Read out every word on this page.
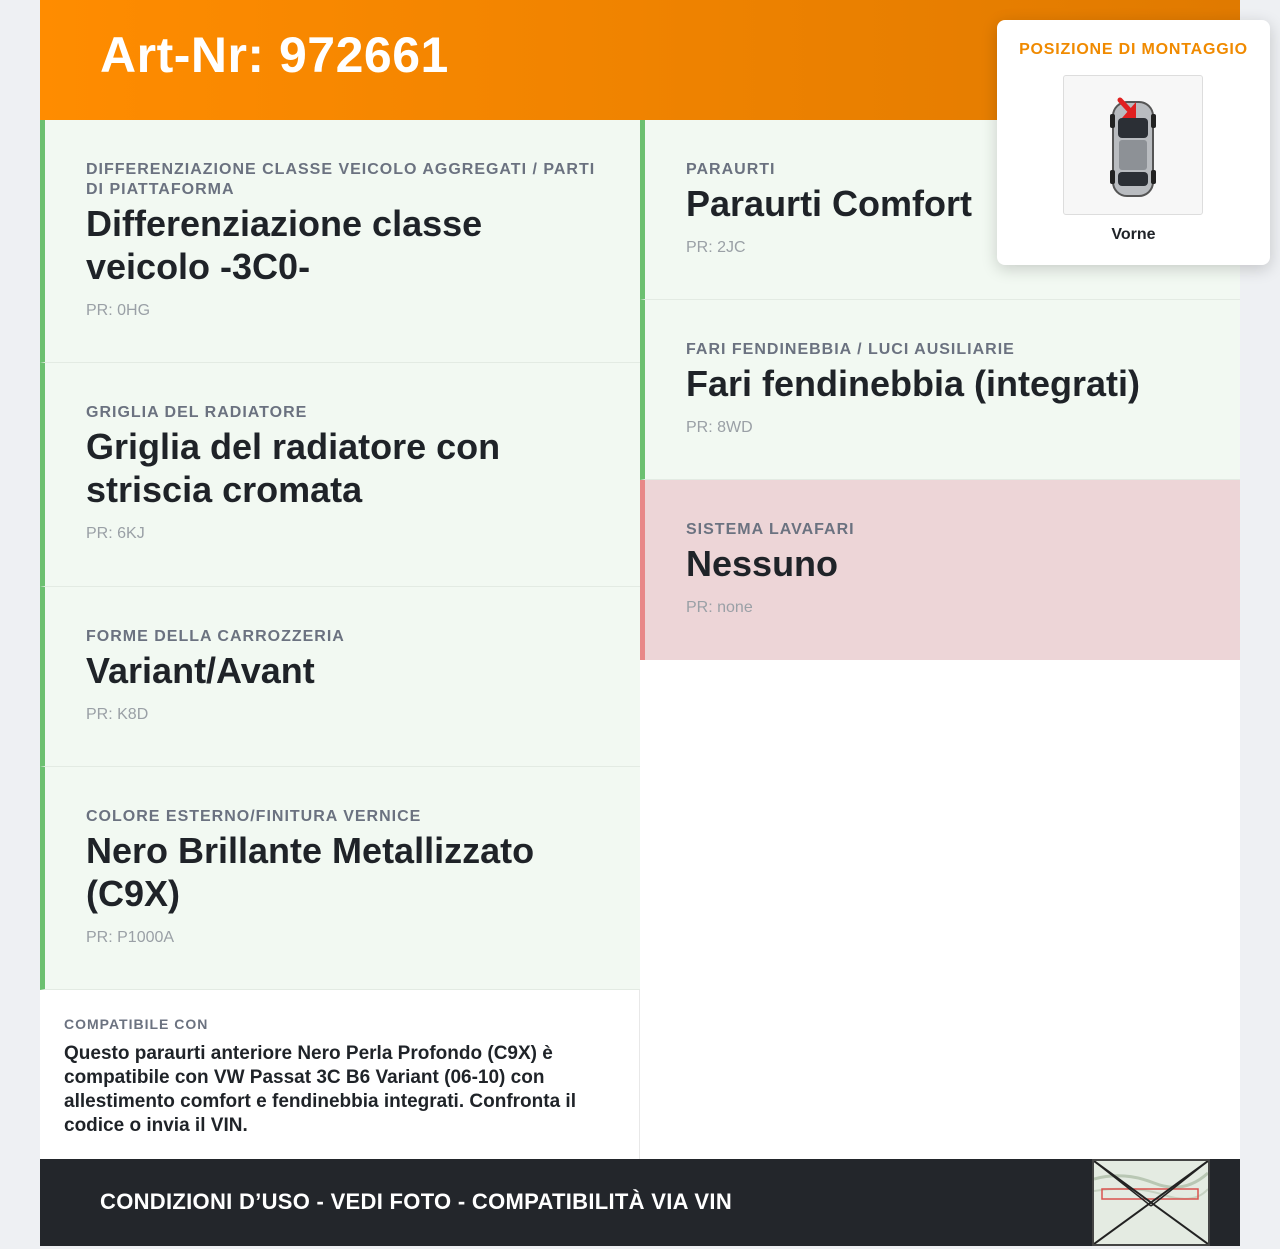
Art-Nr: 972661
DIFFERENZIAZIONE CLASSE VEICOLO AGGREGATI / PARTI DI PIATTAFORMA
Differenziazione classe veicolo -3C0-
PR: 0HG
GRIGLIA DEL RADIATORE
Griglia del radiatore con striscia cromata
PR: 6KJ
FORME DELLA CARROZZERIA
Variant/Avant
PR: K8D
COLORE ESTERNO/FINITURA VERNICE
Nero Brillante Metallizzato (C9X)
PR: P1000A
PARAURTI
Paraurti Comfort
PR: 2JC
FARI FENDINEBBIA / LUCI AUSILIARIE
Fari fendinebbia (integrati)
PR: 8WD
SISTEMA LAVAFARI
Nessuno
PR: none
COMPATIBILE CON
Questo paraurti anteriore Nero Perla Profondo (C9X) è compatibile con VW Passat 3C B6 Variant (06-10) con allestimento comfort e fendinebbia integrati. Confronta il codice o invia il VIN.
CONDIZIONI D’USO - VEDI FOTO - COMPATIBILITÀ VIA VIN
POSIZIONE DI MONTAGGIO
Vorne
